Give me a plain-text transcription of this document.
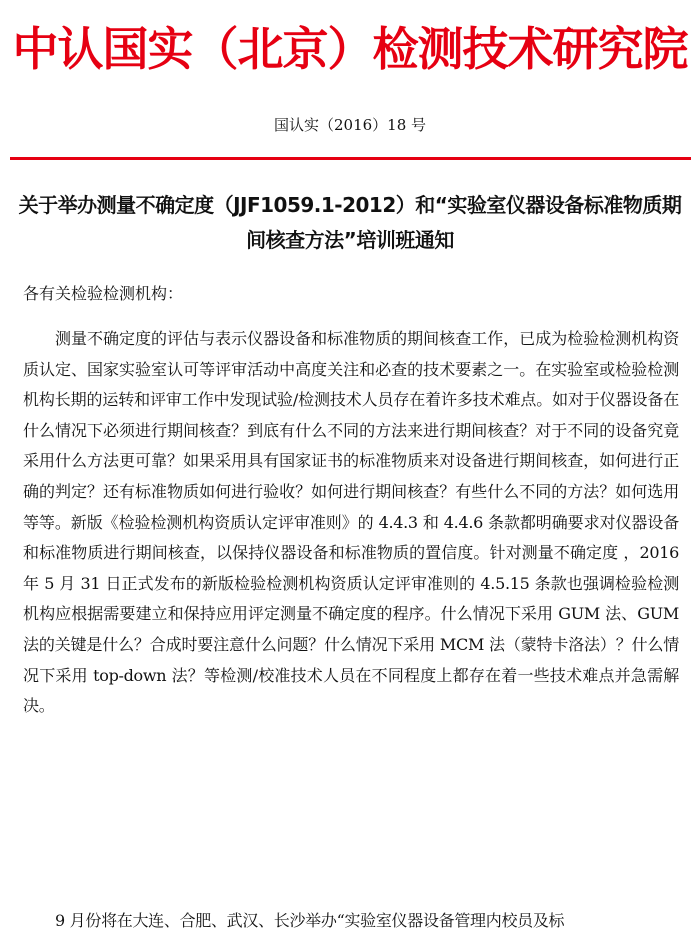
中认国实（北京）检测技术研究院
国认实（2016）18 号
关于举办测量不确定度（JJF1059.1-2012）和“实验室仪器设备标准物质期间核查方法”培训班通知
各有关检验检测机构：

测量不确定度的评估与表示仪器设备和标准物质的期间核查工作，已成为检验检测机构资质认定、国家实验室认可等评审活动中高度关注和必查的技术要素之一。在实验室或检验检测机构长期的运转和评审工作中发现试验/检测技术人员存在着许多技术难点。如对于仪器设备在什么情况下必须进行期间核查？到底有什么不同的方法来进行期间核查？对于不同的设备究竟采用什么方法更可靠？如果采用具有国家证书的标准物质来对设备进行期间核查，如何进行正确的判定？还有标准物质如何进行验收？如何进行期间核查？有些什么不同的方法？如何选用等等。新版《检验检测机构资质认定评审准则》的 4.4.3 和 4.4.6 条款都明确要求对仪器设备和标准物质进行期间核查，以保持仪器设备和标准物质的置信度。针对测量不确定度 ，2016 年 5 月 31 日正式发布的新版检验检测机构资质认定评审准则的 4.5.15 条款也强调检验检测机构应根据需要建立和保持应用评定测量不确定度的程序。什么情况下采用 GUM 法、GUM 法的关键是什么？合成时要注意什么问题？什么情况下采用 MCM 法（蒙特卡洛法）？什么情况下采用 top-down 法？等检测/校准技术人员在不同程度上都存在着一些技术难点并急需解决。

9 月份将在大连、合肥、武汉、长沙举办“实验室仪器设备管理内校员及标
